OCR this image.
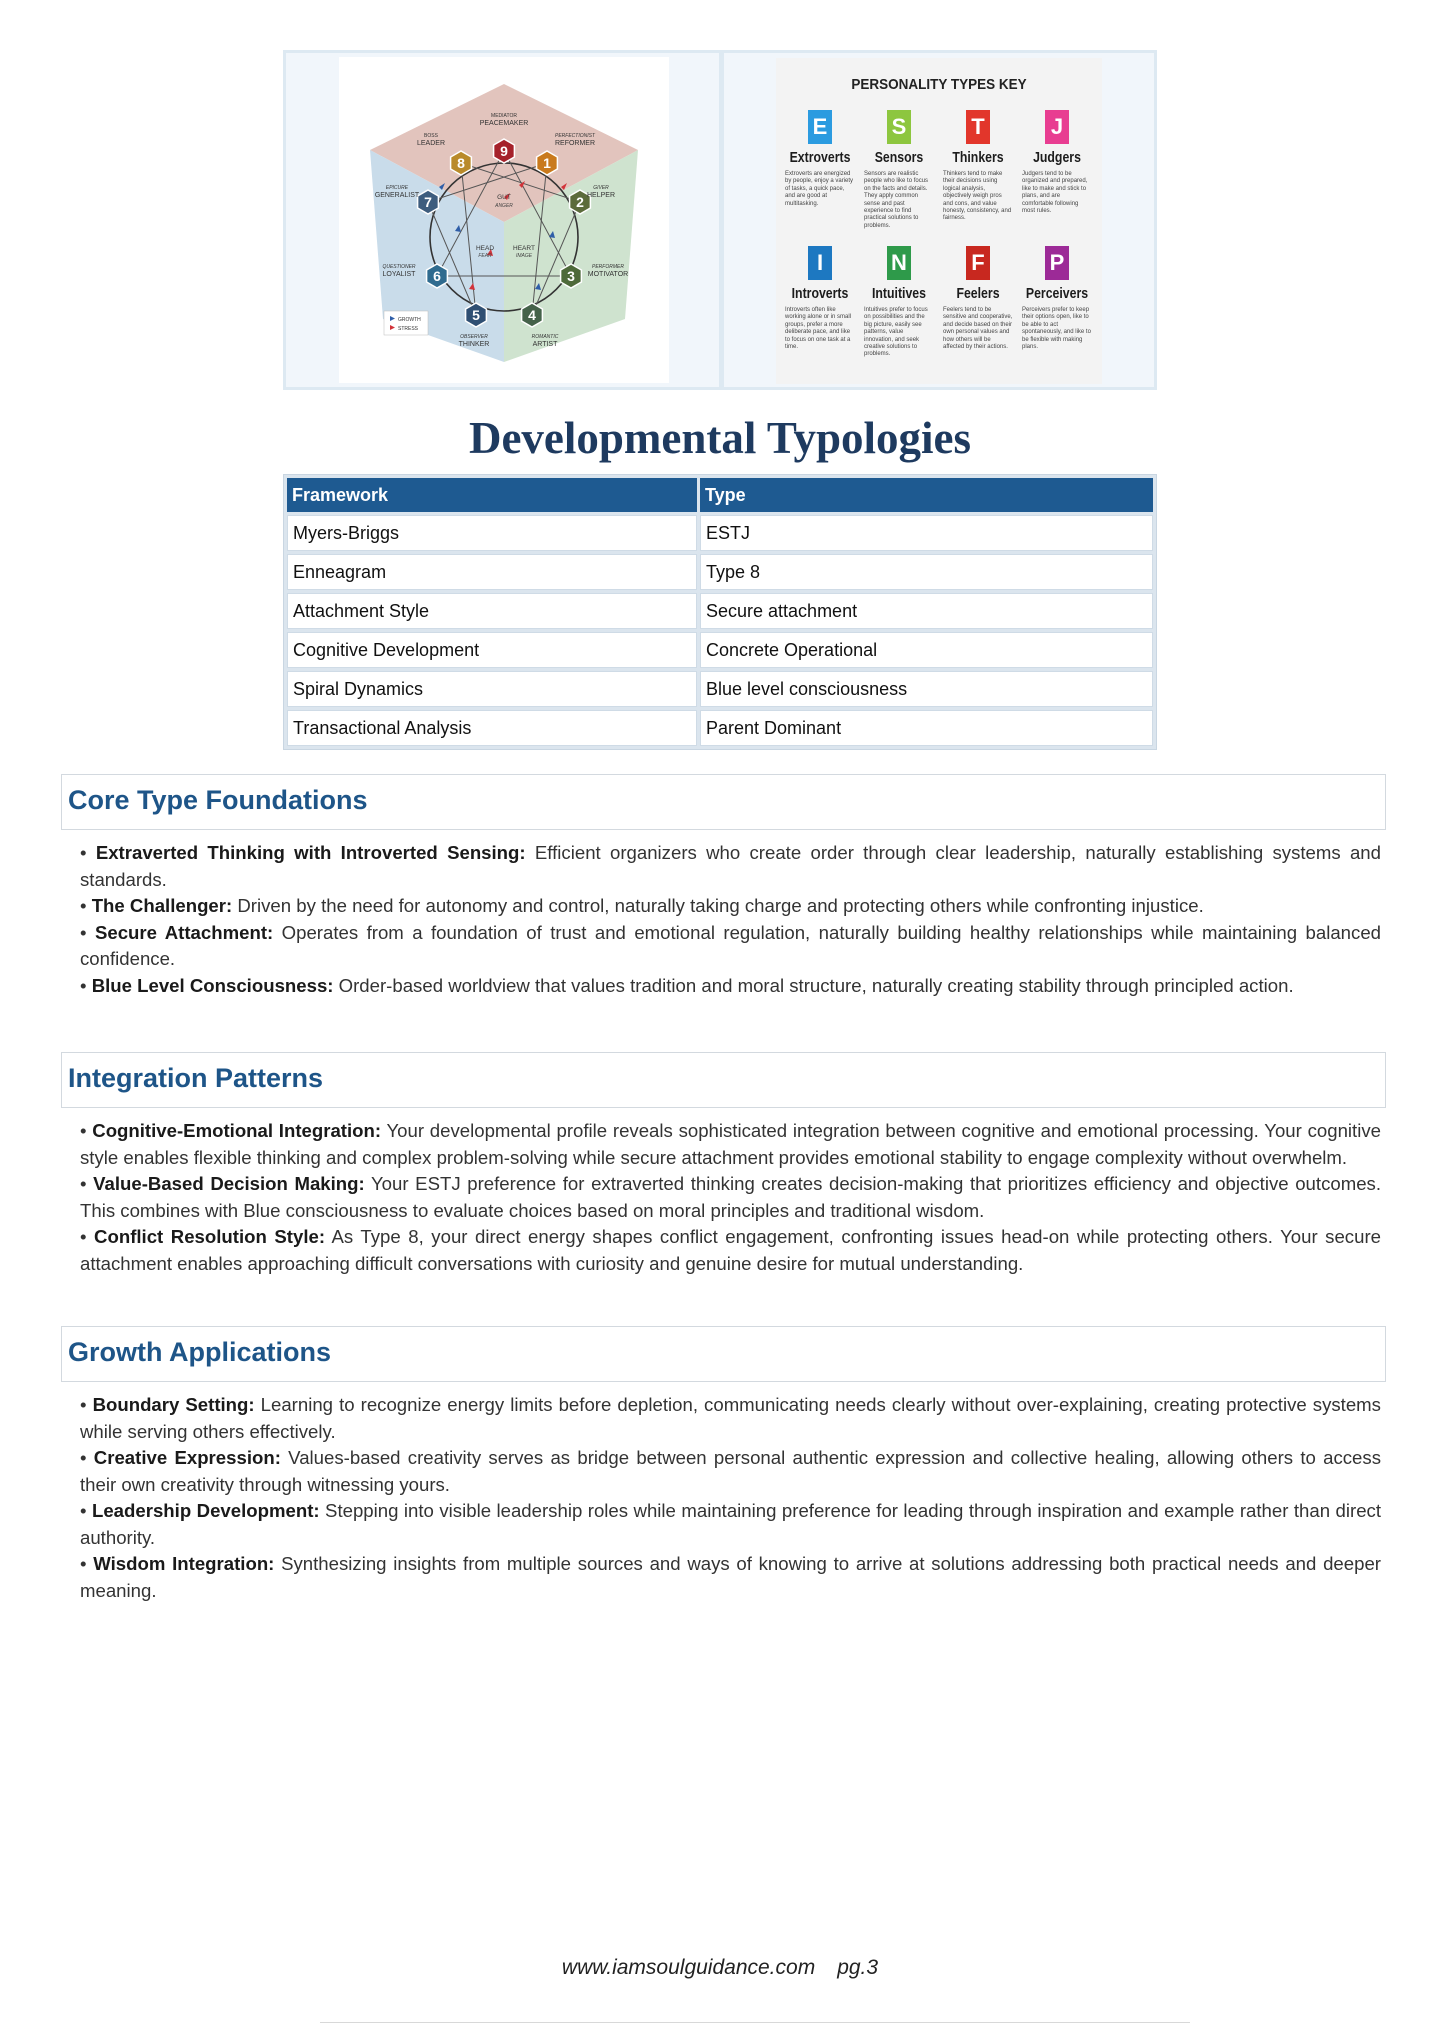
GUT
ANGER
HEAD
FEAR
HEART
IMAGE
9
1
2
3
4
5
6
7
8
MEDIATOR
PEACEMAKER
PERFECTIONIST
REFORMER
GIVER
HELPER
PERFORMER
MOTIVATOR
ROMANTIC
ARTIST
OBSERVER
THINKER
QUESTIONER
LOYALIST
EPICURE
GENERALIST
BOSS
LEADER
GROWTH
STRESS
PERSONALITY TYPES KEY
E
Extroverts
Extroverts are energized by people, enjoy a variety of tasks, a quick pace, and are good at multitasking.
S
Sensors
Sensors are realistic people who like to focus on the facts and details. They apply common sense and past experience to find practical solutions to problems.
T
Thinkers
Thinkers tend to make their decisions using logical analysis, objectively weigh pros and cons, and value honesty, consistency, and fairness.
J
Judgers
Judgers tend to be organized and prepared, like to make and stick to plans, and are comfortable following most rules.
I
Introverts
Introverts often like working alone or in small groups, prefer a more deliberate pace, and like to focus on one task at a time.
N
Intuitives
Intuitives prefer to focus on possibilities and the big picture, easily see patterns, value innovation, and seek creative solutions to problems.
F
Feelers
Feelers tend to be sensitive and cooperative, and decide based on their own personal values and how others will be affected by their actions.
P
Perceivers
Perceivers prefer to keep their options open, like to be able to act spontaneously, and like to be flexible with making plans.
Developmental Typologies
Framework	Type
Myers-Briggs	ESTJ
Enneagram	Type 8
Attachment Style	Secure attachment
Cognitive Development	Concrete Operational
Spiral Dynamics	Blue level consciousness
Transactional Analysis	Parent Dominant
Core Type Foundations

• Extraverted Thinking with Introverted Sensing: Efficient organizers who create order through clear leadership, naturally establishing systems and standards.

• The Challenger: Driven by the need for autonomy and control, naturally taking charge and protecting others while confronting injustice.

• Secure Attachment: Operates from a foundation of trust and emotional regulation, naturally building healthy relationships while maintaining balanced confidence.

• Blue Level Consciousness: Order-based worldview that values tradition and moral structure, naturally creating stability through principled action.

Integration Patterns

• Cognitive-Emotional Integration: Your developmental profile reveals sophisticated integration between cognitive and emotional processing. Your cognitive style enables flexible thinking and complex problem-solving while secure attachment provides emotional stability to engage complexity without overwhelm.

• Value-Based Decision Making: Your ESTJ preference for extraverted thinking creates decision-making that prioritizes efficiency and objective outcomes. This combines with Blue consciousness to evaluate choices based on moral principles and traditional wisdom.

• Conflict Resolution Style: As Type 8, your direct energy shapes conflict engagement, confronting issues head-on while protecting others. Your secure attachment enables approaching difficult conversations with curiosity and genuine desire for mutual understanding.

Growth Applications

• Boundary Setting: Learning to recognize energy limits before depletion, communicating needs clearly without over-explaining, creating protective systems while serving others effectively.

• Creative Expression: Values-based creativity serves as bridge between personal authentic expression and collective healing, allowing others to access their own creativity through witnessing yours.

• Leadership Development: Stepping into visible leadership roles while maintaining preference for leading through inspiration and example rather than direct authority.

• Wisdom Integration: Synthesizing insights from multiple sources and ways of knowing to arrive at solutions addressing both practical needs and deeper meaning.

www.iamsoulguidance.com pg.3
